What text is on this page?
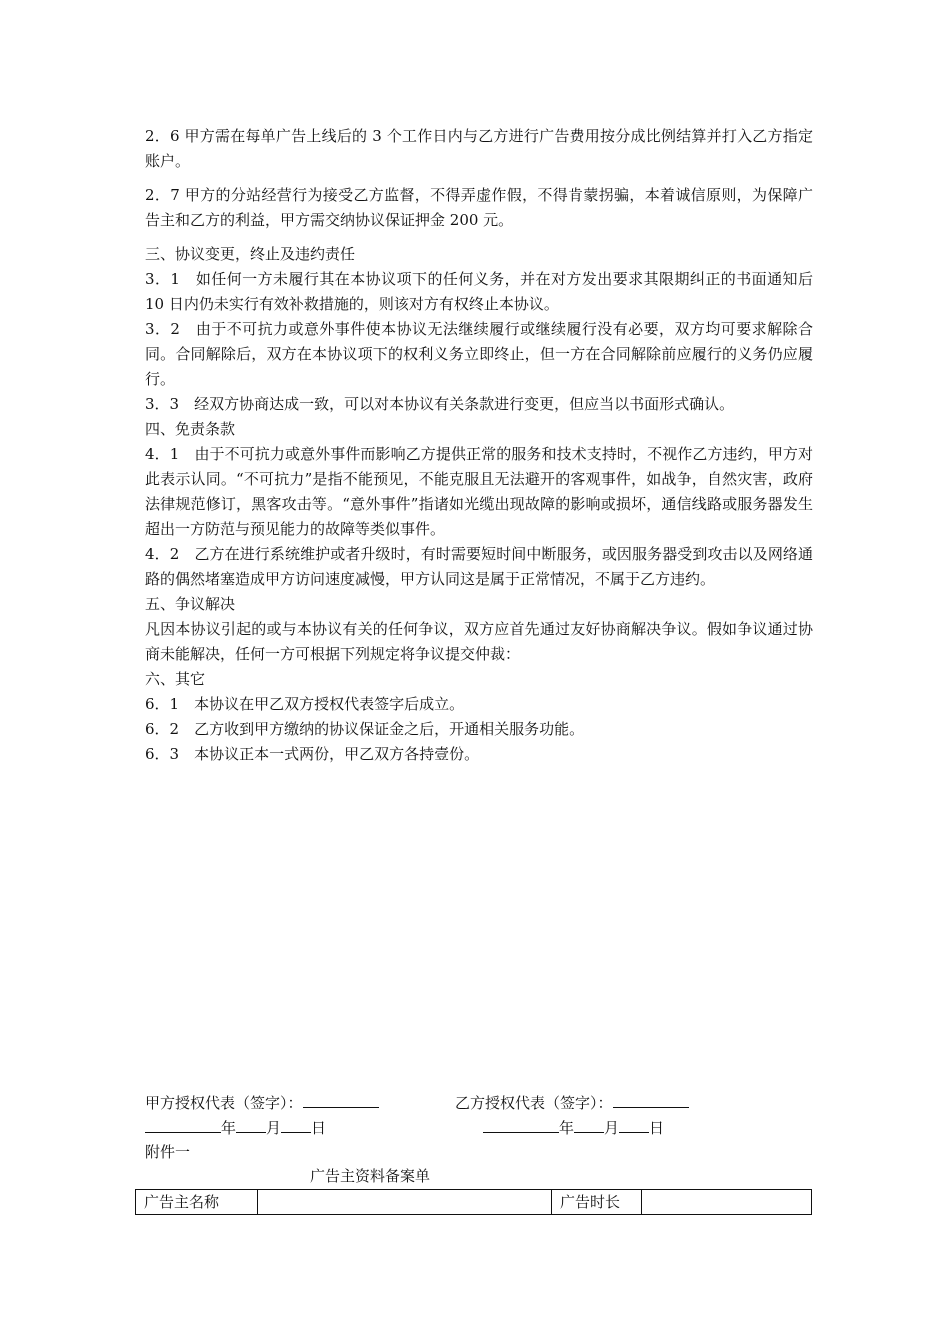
2．6 甲方需在每单广告上线后的 3 个工作日内与乙方进行广告费用按分成比例结算并打入乙方指定账户。

2．7 甲方的分站经营行为接受乙方监督，不得弄虚作假，不得肯蒙拐骗，本着诚信原则，为保障广告主和乙方的利益，甲方需交纳协议保证押金 200 元。

三、协议变更，终止及违约责任

3．1　如任何一方未履行其在本协议项下的任何义务，并在对方发出要求其限期纠正的书面通知后 10 日内仍未实行有效补救措施的，则该对方有权终止本协议。

3．2　由于不可抗力或意外事件使本协议无法继续履行或继续履行没有必要，双方均可要求解除合同。合同解除后，双方在本协议项下的权利义务立即终止，但一方在合同解除前应履行的义务仍应履行。

3．3　经双方协商达成一致，可以对本协议有关条款进行变更，但应当以书面形式确认。

四、免责条款

4．1　由于不可抗力或意外事件而影响乙方提供正常的服务和技术支持时，不视作乙方违约，甲方对此表示认同。“不可抗力”是指不能预见，不能克服且无法避开的客观事件，如战争，自然灾害，政府法律规范修订，黑客攻击等。“意外事件”指诸如光缆出现故障的影响或损坏，通信线路或服务器发生超出一方防范与预见能力的故障等类似事件。

4．2　乙方在进行系统维护或者升级时，有时需要短时间中断服务，或因服务器受到攻击以及网络通路的偶然堵塞造成甲方访问速度减慢，甲方认同这是属于正常情况，不属于乙方违约。

五、争议解决

凡因本协议引起的或与本协议有关的任何争议，双方应首先通过友好协商解决争议。假如争议通过协商未能解决，任何一方可根据下列规定将争议提交仲裁：

六、其它

6．1　本协议在甲乙双方授权代表签字后成立。

6．2　乙方收到甲方缴纳的协议保证金之后，开通相关服务功能。

6．3　本协议正本一式两份，甲乙双方各持壹份。

甲方授权代表（签字）：	乙方授权代表（签字）：
年 月 日	年 月 日
附件一
广告主资料备案单
广告主名称		广告时长	
